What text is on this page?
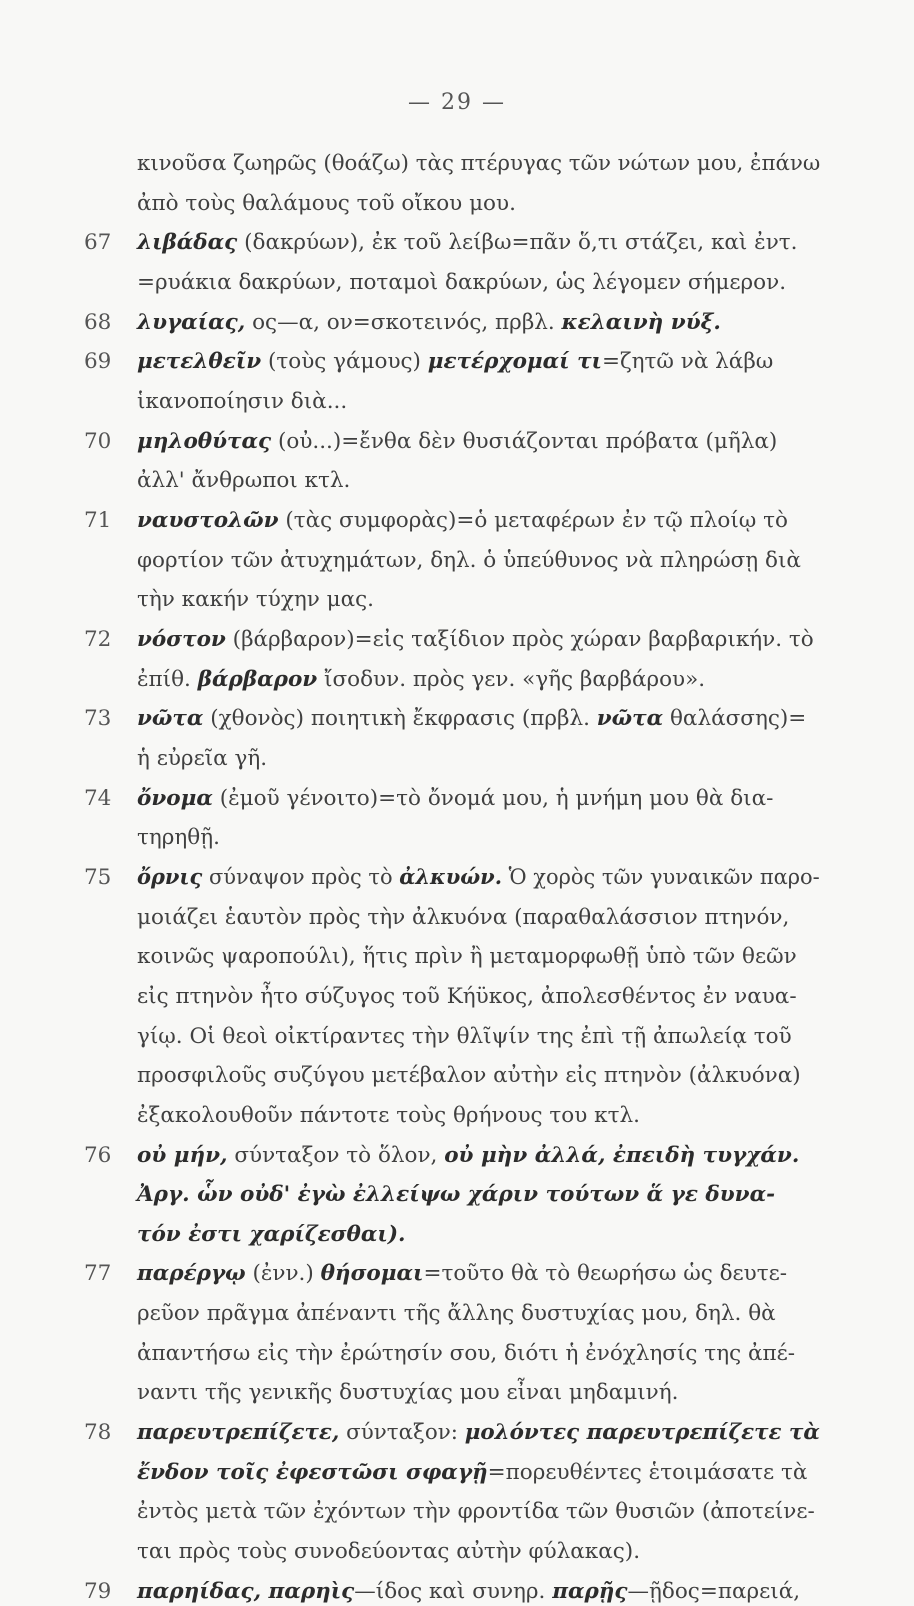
— 29 —
κινοῦσα ζωηρῶς (θοάζω) τὰς πτέρυγας τῶν νώτων μου, ἐπάνω
ἀπὸ τοὺς θαλάμους τοῦ οἴκου μου.
67 λιβάδας (δακρύων), ἐκ τοῦ λείβω=πᾶν ὅ,τι στάζει, καὶ ἐντ.
=ρυάκια δακρύων, ποταμοὶ δακρύων, ὡς λέγομεν σήμερον.
68 λυγαίας, ος—α, ον=σκοτεινός, πρβλ. κελαινὴ νύξ.
69 μετελθεῖν (τοὺς γάμους) μετέρχομαί τι=ζητῶ νὰ λάβω
ἱκανοποίησιν διὰ...
70 μηλοθύτας (οὐ...)=ἔνθα δὲν θυσιάζονται πρόβατα (μῆλα)
ἀλλ' ἄνθρωποι κτλ.
71 ναυστολῶν (τὰς συμφορὰς)=ὁ μεταφέρων ἐν τῷ πλοίῳ τὸ
φορτίον τῶν ἀτυχημάτων, δηλ. ὁ ὑπεύθυνος νὰ πληρώσῃ διὰ
τὴν κακήν τύχην μας.
72 νόστον (βάρβαρον)=εἰς ταξίδιον πρὸς χώραν βαρβαρικήν. τὸ
ἐπίθ. βάρβαρον ἴσοδυν. πρὸς γεν. «γῆς βαρβάρου».
73 νῶτα (χθονὸς) ποιητικὴ ἔκφρασις (πρβλ. νῶτα θαλάσσης)=
ἡ εὐρεῖα γῆ.
74 ὄνομα (ἐμοῦ γένοιτο)=τὸ ὄνομά μου, ἡ μνήμη μου θὰ δια-
τηρηθῇ.
75 ὄρνις σύναψον πρὸς τὸ ἀλκυών. Ὁ χορὸς τῶν γυναικῶν παρο-
μοιάζει ἑαυτὸν πρὸς τὴν ἀλκυόνα (παραθαλάσσιον πτηνόν,
κοινῶς ψαροπούλι), ἥτις πρὶν ἢ μεταμορφωθῇ ὑπὸ τῶν θεῶν
εἰς πτηνὸν ἦτο σύζυγος τοῦ Κήϋκος, ἀπολεσθέντος ἐν ναυα-
γίῳ. Οἱ θεοὶ οἰκτίραντες τὴν θλῖψίν της ἐπὶ τῇ ἀπωλείᾳ τοῦ
προσφιλοῦς συζύγου μετέβαλον αὐτὴν εἰς πτηνὸν (ἀλκυόνα)
ἐξακολουθοῦν πάντοτε τοὺς θρήνους του κτλ.
76 οὐ μήν, σύνταξον τὸ ὅλον, οὐ μὴν ἀλλά, ἐπειδὴ τυγχάν.
Ἀργ. ὧν οὐδ' ἐγὼ ἐλλείψω χάριν τούτων ἅ γε δυνα-
τόν ἐστι χαρίζεσθαι).
77 παρέργῳ (ἐνν.) θήσομαι=τοῦτο θὰ τὸ θεωρήσω ὡς δευτε-
ρεῦον πρᾶγμα ἀπέναντι τῆς ἄλλης δυστυχίας μου, δηλ. θὰ
ἀπαντήσω εἰς τὴν ἐρώτησίν σου, διότι ἡ ἐνόχλησίς της ἀπέ-
ναντι τῆς γενικῆς δυστυχίας μου εἶναι μηδαμινή.
78 παρευτρεπίζετε, σύνταξον: μολόντες παρευτρεπίζετε τὰ
ἔνδον τοῖς ἐφεστῶσι σφαγῇ=πορευθέντες ἑτοιμάσατε τὰ
ἐντὸς μετὰ τῶν ἐχόντων τὴν φροντίδα τῶν θυσιῶν (ἀποτείνε-
ται πρὸς τοὺς συνοδεύοντας αὐτὴν φύλακας).
79 παρηίδας, παρηὶς—ίδος καὶ συνηρ. παρῇς—ῇδος=παρειά,
